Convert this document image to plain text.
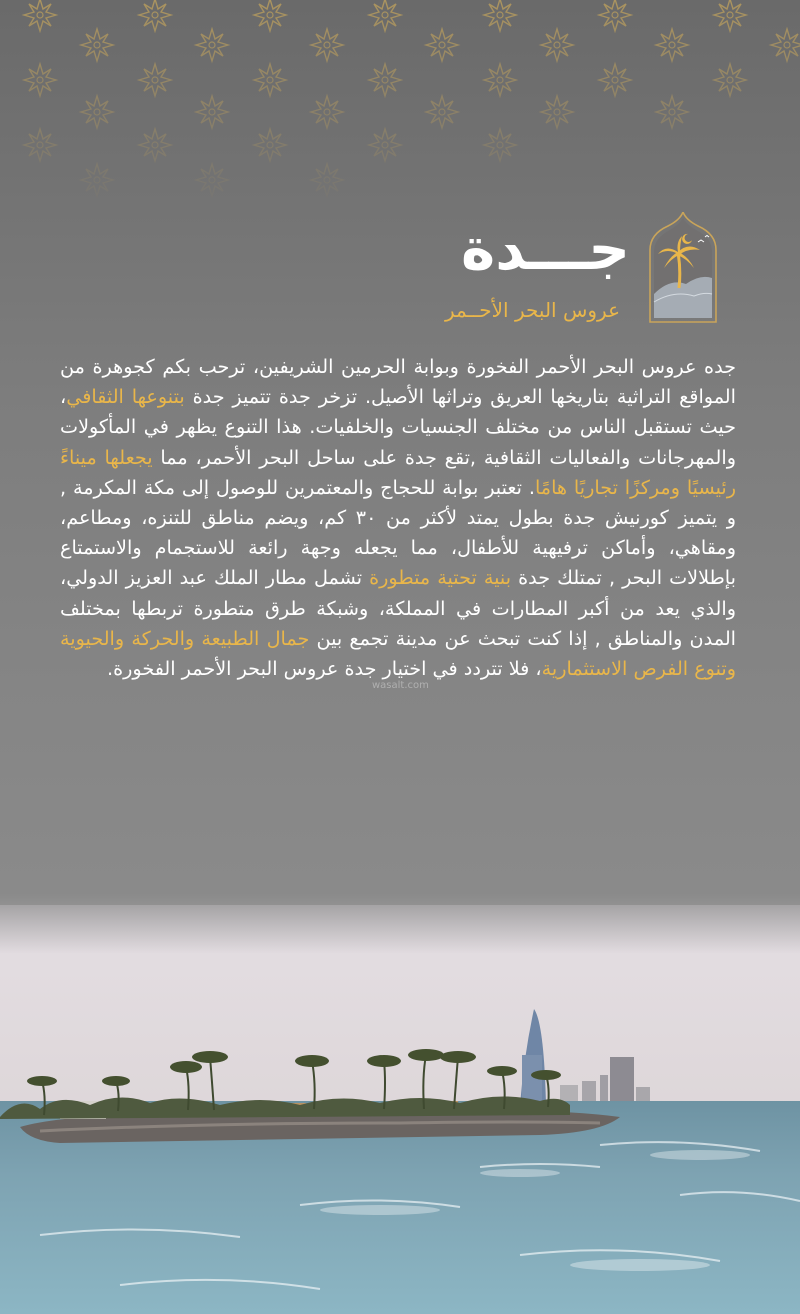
جـــدة

عروس البحر الأحــمر

جده عروس البحر الأحمر الفخورة وبوابة الحرمين الشريفين، ترحب بكم كجوهرة من المواقع التراثية بتاريخها العريق وتراثها الأصيل. تزخر جدة تتميز جدة بتنوعها الثقافي، حيث تستقبل الناس من مختلف الجنسيات والخلفيات. هذا التنوع يظهر في المأكولات والمهرجانات والفعاليات الثقافية ,تقع جدة على ساحل البحر الأحمر، مما يجعلها ميناءً رئيسيًا ومركزًا تجاريًا هامًا. تعتبر بوابة للحجاج والمعتمرين للوصول إلى مكة المكرمة , و يتميز كورنيش جدة بطول يمتد لأكثر من ٣٠ كم، ويضم مناطق للتنزه، ومطاعم، ومقاهي، وأماكن ترفيهية للأطفال، مما يجعله وجهة رائعة للاستجمام والاستمتاع بإطلالات البحر , تمتلك جدة بنية تحتية متطورة تشمل مطار الملك عبد العزيز الدولي، والذي يعد من أكبر المطارات في المملكة، وشبكة طرق متطورة تربطها بمختلف المدن والمناطق , إذا كنت تبحث عن مدينة تجمع بين جمال الطبيعة والحركة والحيوية وتنوع الفرص الاستثمارية، فلا تتردد في اختيار جدة عروس البحر الأحمر الفخورة.

wasalt.com
